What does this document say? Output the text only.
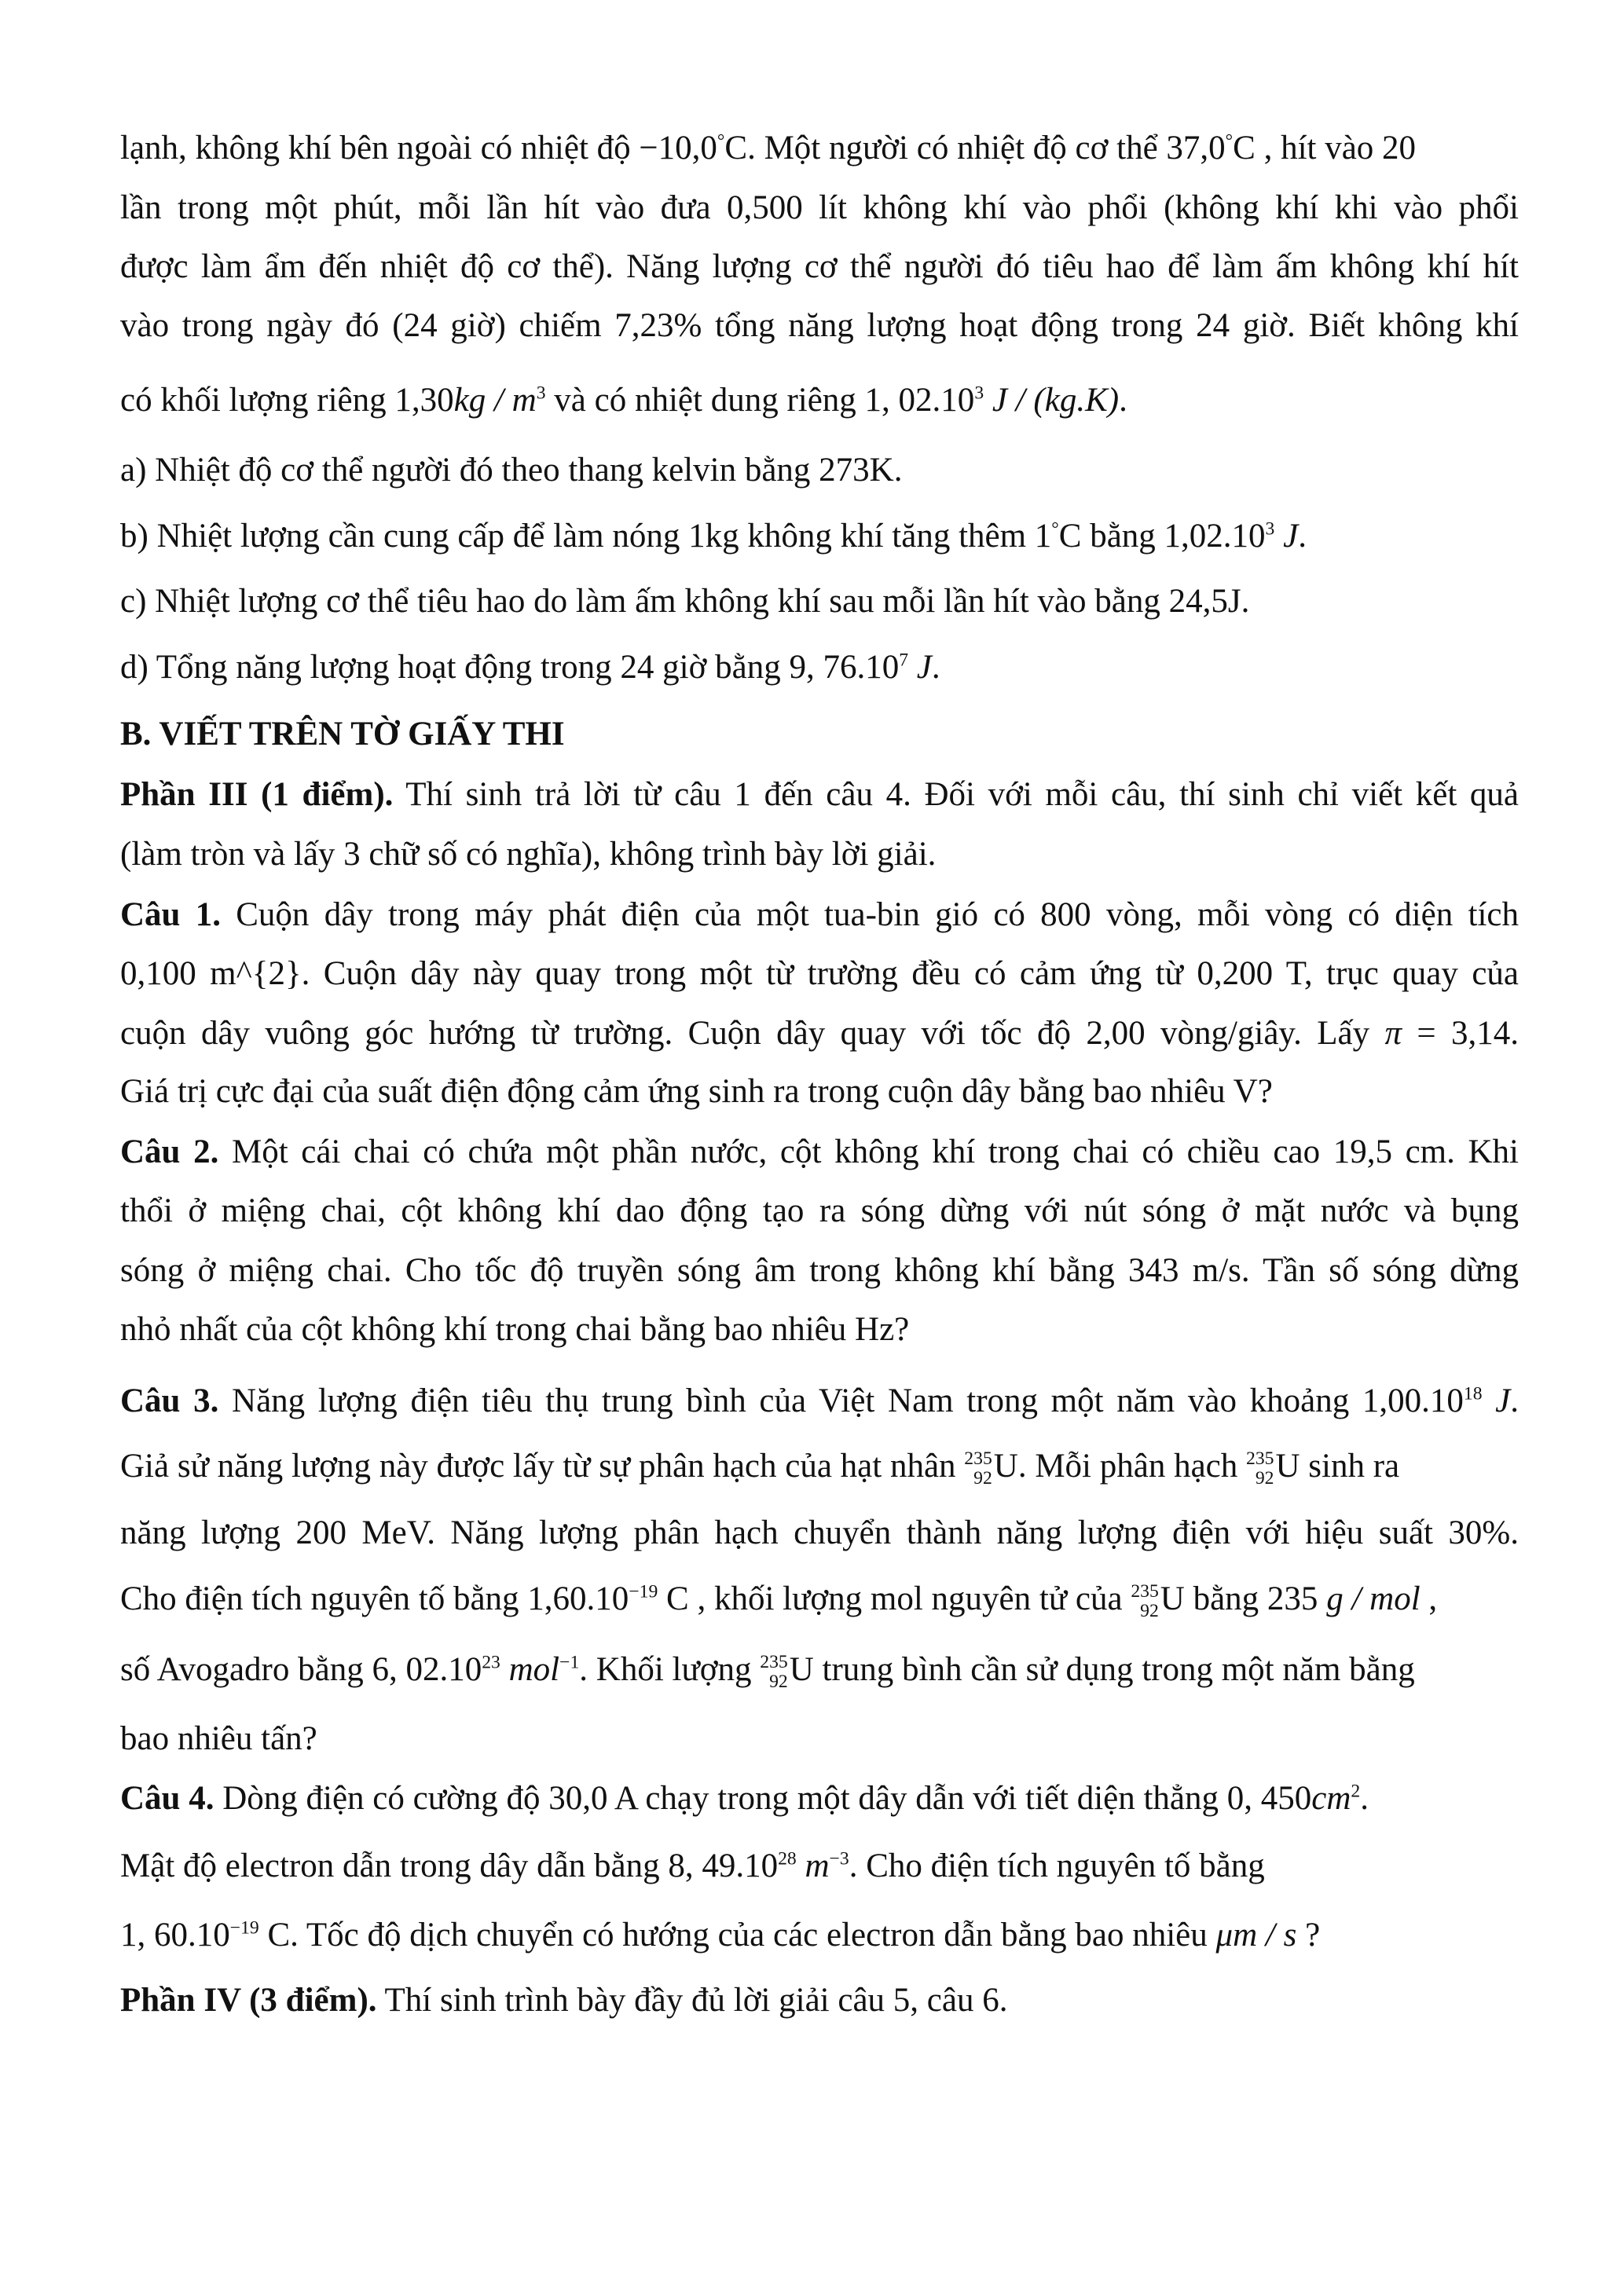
lạnh, không khí bên ngoài có nhiệt độ −10,0°C. Một người có nhiệt độ cơ thể 37,0°C , hít vào 20
lần trong một phút, mỗi lần hít vào đưa 0,500 lít không khí vào phổi (không khí khi vào phổi
được làm ẩm đến nhiệt độ cơ thể). Năng lượng cơ thể người đó tiêu hao để làm ấm không khí hít
vào trong ngày đó (24 giờ) chiếm 7,23% tổng năng lượng hoạt động trong 24 giờ. Biết không khí
có khối lượng riêng $1,30kg / m^3$ và có nhiệt dung riêng 1, 02.10$^3$ J / (kg.K).
a) Nhiệt độ cơ thể người đó theo thang kelvin bằng 273K.
b) Nhiệt lượng cần cung cấp để làm nóng 1kg không khí tăng thêm 1°C bằng 1,02.10$^3$ J.
c) Nhiệt lượng cơ thể tiêu hao do làm ấm không khí sau mỗi lần hít vào bằng 24,5J.
d) Tổng năng lượng hoạt động trong 24 giờ bằng 9, 76.10$^7$ J.
B. VIẾT TRÊN TỜ GIẤY THI
Phần III (1 điểm). Thí sinh trả lời từ câu 1 đến câu 4. Đối với mỗi câu, thí sinh chỉ viết kết quả
(làm tròn và lấy 3 chữ số có nghĩa), không trình bày lời giải.
Câu 1. Cuộn dây trong máy phát điện của một tua-bin gió có 800 vòng, mỗi vòng có diện tích
0,100 m^{2}. Cuộn dây này quay trong một từ trường đều có cảm ứng từ 0,200 T, trục quay của
cuộn dây vuông góc hướng từ trường. Cuộn dây quay với tốc độ 2,00 vòng/giây. Lấy π = 3,14.
Giá trị cực đại của suất điện động cảm ứng sinh ra trong cuộn dây bằng bao nhiêu V?
Câu 2. Một cái chai có chứa một phần nước, cột không khí trong chai có chiều cao 19,5 cm. Khi
thổi ở miệng chai, cột không khí dao động tạo ra sóng dừng với nút sóng ở mặt nước và bụng
sóng ở miệng chai. Cho tốc độ truyền sóng âm trong không khí bằng 343 m/s. Tần số sóng dừng
nhỏ nhất của cột không khí trong chai bằng bao nhiêu Hz?
Câu 3. Năng lượng điện tiêu thụ trung bình của Việt Nam trong một năm vào khoảng 1,00.10$^{18}$ J.
Giả sử năng lượng này được lấy từ sự phân hạch của hạt nhân 235
92 U. Mỗi phân hạch 235
92 U sinh ra
năng lượng 200 MeV. Năng lượng phân hạch chuyển thành năng lượng điện với hiệu suất 30%.
Cho điện tích nguyên tố bằng $1,60.10^{-19}$ C , khối lượng mol nguyên tử của 235
92 U bằng 235 g / mol ,
số Avogadro bằng 6, 02.10$^{23}$ mol$^{-1}$. Khối lượng 235
92 U trung bình cần sử dụng trong một năm bằng
bao nhiêu tấn?
Câu 4. Dòng điện có cường độ 30,0 A chạy trong một dây dẫn với tiết diện thẳng 0, $450cm^2$.
Mật độ electron dẫn trong dây dẫn bằng 8, 49.10$^{28}$ $m^{-3}$. Cho điện tích nguyên tố bằng
1, $60.10^{-19}$ C. Tốc độ dịch chuyển có hướng của các electron dẫn bằng bao nhiêu μm / s ?
Phần IV (3 điểm). Thí sinh trình bày đầy đủ lời giải câu 5, câu 6.
